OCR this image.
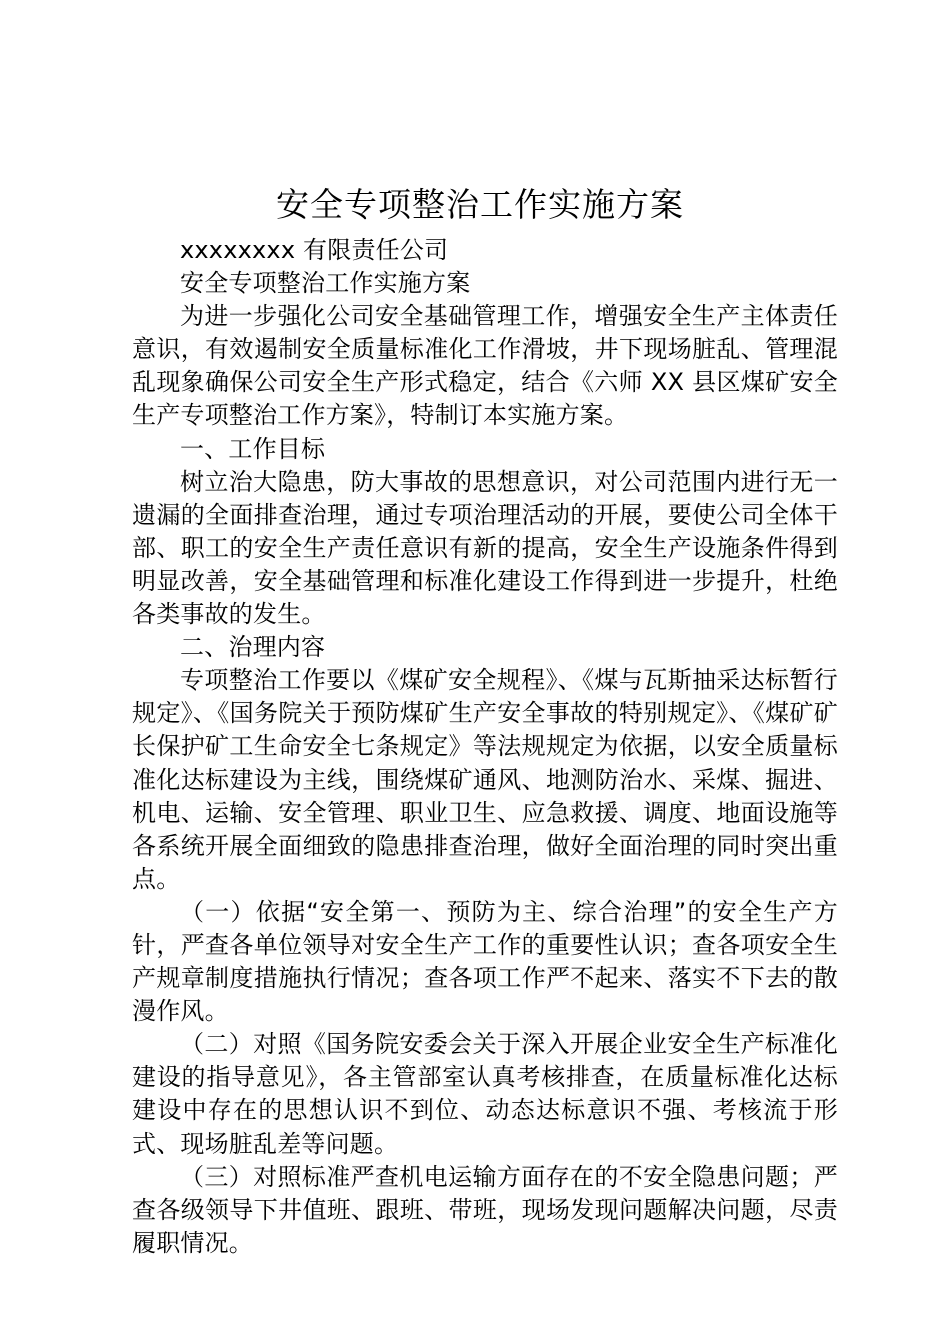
安全专项整治工作实施方案

xxxxxxxx 有限责任公司

安全专项整治工作实施方案

为进一步强化公司安全基础管理工作，增强安全生产主体责任意识，有效遏制安全质量标准化工作滑坡，井下现场脏乱、管理混乱现象确保公司安全生产形式稳定，结合《六师 XX 县区煤矿安全生产专项整治工作方案》，特制订本实施方案。

一、工作目标

树立治大隐患，防大事故的思想意识，对公司范围内进行无一遗漏的全面排查治理，通过专项治理活动的开展，要使公司全体干部、职工的安全生产责任意识有新的提高，安全生产设施条件得到明显改善，安全基础管理和标准化建设工作得到进一步提升，杜绝各类事故的发生。

二、治理内容

专项整治工作要以《煤矿安全规程》、《煤与瓦斯抽采达标暂行规定》、《国务院关于预防煤矿生产安全事故的特别规定》、《煤矿矿长保护矿工生命安全七条规定》等法规规定为依据，以安全质量标准化达标建设为主线，围绕煤矿通风、地测防治水、采煤、掘进、机电、运输、安全管理、职业卫生、应急救援、调度、地面设施等各系统开展全面细致的隐患排查治理，做好全面治理的同时突出重点。

（一）依据“安全第一、预防为主、综合治理”的安全生产方针，严查各单位领导对安全生产工作的重要性认识；查各项安全生产规章制度措施执行情况；查各项工作严不起来、落实不下去的散漫作风。

（二）对照《国务院安委会关于深入开展企业安全生产标准化建设的指导意见》，各主管部室认真考核排查，在质量标准化达标建设中存在的思想认识不到位、动态达标意识不强、考核流于形式、现场脏乱差等问题。

（三）对照标准严查机电运输方面存在的不安全隐患问题；严查各级领导下井值班、跟班、带班，现场发现问题解决问题，尽责履职情况。
